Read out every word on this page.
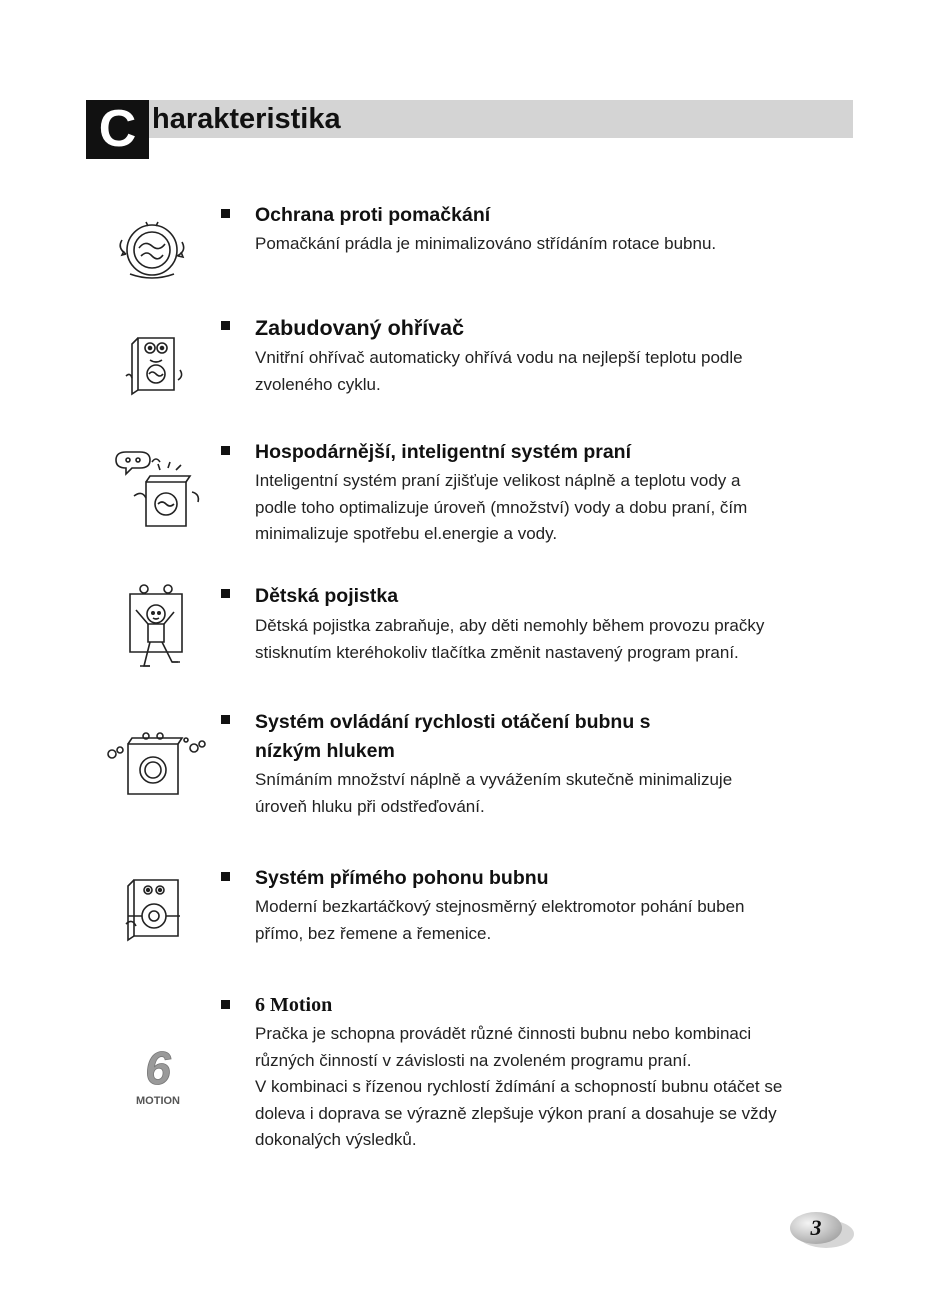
C harakteristika
Ochrana proti pomačkání
Pomačkání prádla je minimalizováno střídáním rotace bubnu.
Zabudovaný ohřívač
Vnitřní ohřívač automaticky ohřívá vodu na nejlepší teplotu podle
zvoleného cyklu.
Hospodárnější, inteligentní systém praní
Inteligentní systém praní zjišťuje velikost náplně a teplotu vody a
podle toho optimalizuje úroveň (množství) vody a dobu praní, čím
minimalizuje spotřebu el.energie a vody.
Dětská pojistka
Dětská pojistka zabraňuje, aby děti nemohly během provozu pračky
stisknutím kteréhokoliv tlačítka změnit nastavený program praní.
Systém ovládání rychlosti otáčení bubnu s
nízkým hlukem
Snímáním množství náplně a vyvážením skutečně minimalizuje
úroveň hluku při odstřeďování.
Systém přímého pohonu bubnu
Moderní bezkartáčkový stejnosměrný elektromotor pohání buben
přímo, bez řemene a řemenice.
6
MOTION
6 Motion
Pračka je schopna provádět různé činnosti bubnu nebo kombinaci
různých činností v závislosti na zvoleném programu praní.
V kombinaci s řízenou rychlostí ždímání a schopností bubnu otáčet se
doleva i doprava se výrazně zlepšuje výkon praní a dosahuje se vždy
dokonalých výsledků.
3
